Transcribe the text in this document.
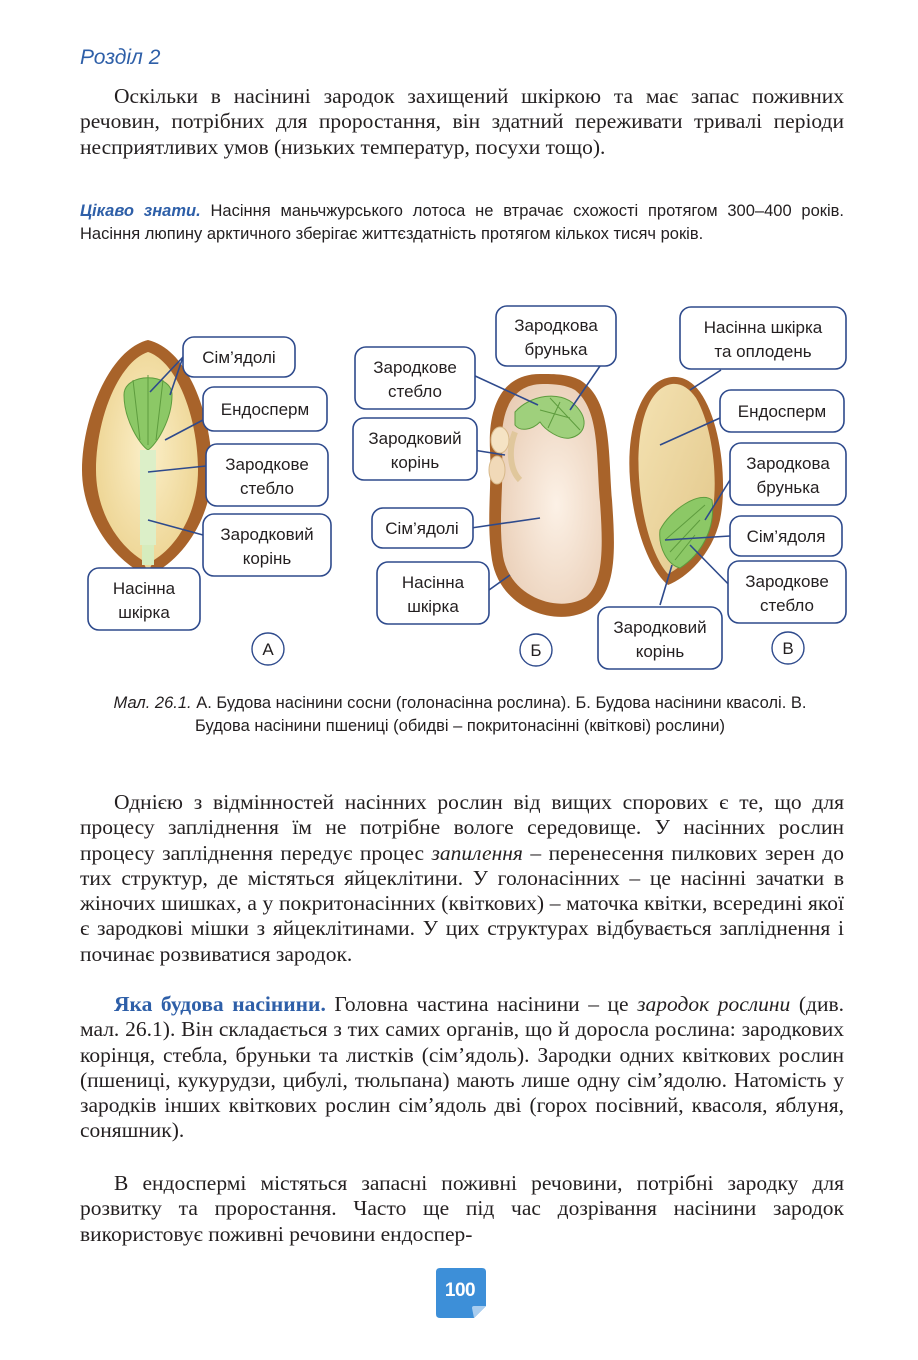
Розділ 2

Оскільки в насінині зародок захищений шкіркою та має запас поживних речовин, потрібних для проростання, він здатний переживати тривалі періоди несприятливих умов (низьких температур, посухи тощо).

Цікаво знати. Насіння маньчжурського лотоса не втрачає схожості протягом 300–400 років. Насіння люпину арктичного зберігає життєздатність протягом кількох тисяч років.

Сім’ядолі
Ендосперм
Зародкове
стебло
Зародковий
корінь
Насінна
шкірка
А
Зародкова
брунька
Зародкове
стебло
Зародковий
корінь
Сім’ядолі
Насінна
шкірка
Б
Насінна шкірка
та оплодень
Ендосперм
Зародкова
брунька
Сім’ядоля
Зародкове
стебло
Зародковий
корінь	В

Мал. 26.1. А. Будова насінини сосни (голонасінна рослина). Б. Будова насінини квасолі. В. Будова насінини пшениці (обидві – покритонасінні (квіткові) рослини)

Однією з відмінностей насінних рослин від вищих спорових є те, що для процесу запліднення їм не потрібне вологе середовище. У насінних рослин процесу запліднення передує процес запилення – перенесення пилкових зерен до тих структур, де містяться яйцеклітини. У голонасінних – це насінні зачатки в жіночих шишках, а у покритонасінних (квіткових) – маточка квітки, всередині якої є зародкові мішки з яйцеклітинами. У цих структурах відбувається запліднення і починає розвиватися зародок.

Яка будова насінини. Головна частина насінини – це зародок рослини (див. мал. 26.1). Він складається з тих самих органів, що й доросла рослина: зародкових корінця, стебла, бруньки та листків (сім’ядоль). Зародки одних квіткових рослин (пшениці, кукурудзи, цибулі, тюльпана) мають лише одну сім’ядолю. Натомість у зародків інших квіткових рослин сім’ядоль дві (горох посівний, квасоля, яблуня, соняшник).

В ендоспермі містяться запасні поживні речовини, потрібні зародку для розвитку та проростання. Часто ще під час дозрівання насінини зародок використовує поживні речовини ендоспер-

100
